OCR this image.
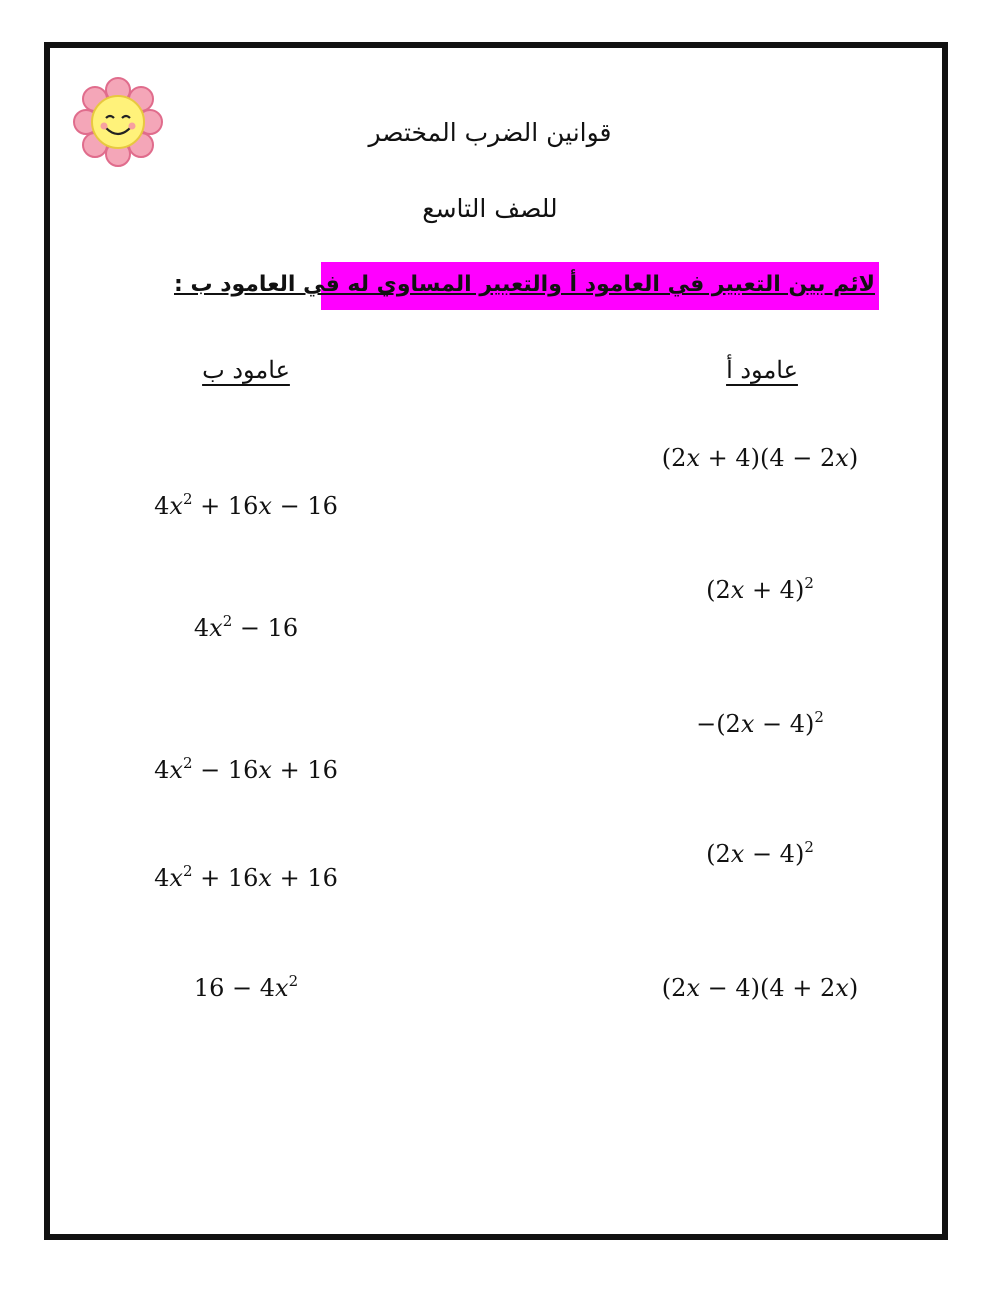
قوانين الضرب المختصر
للصف التاسع
لائم بين التعبير في العامود أ والتعبير المساوي له في العامود ب :
عامود أ
عامود ب
(2x + 4)(4 − 2x)
$(2x + 4)^2$
$-(2x - 4)^2$
$(2x - 4)^2$
(2x − 4)(4 + 2x)
$4x^2 + 16x - 16$
$4x^2 - 16$
$4x^2 - 16x + 16$
$4x^2 + 16x + 16$
$16 - 4x^2$
